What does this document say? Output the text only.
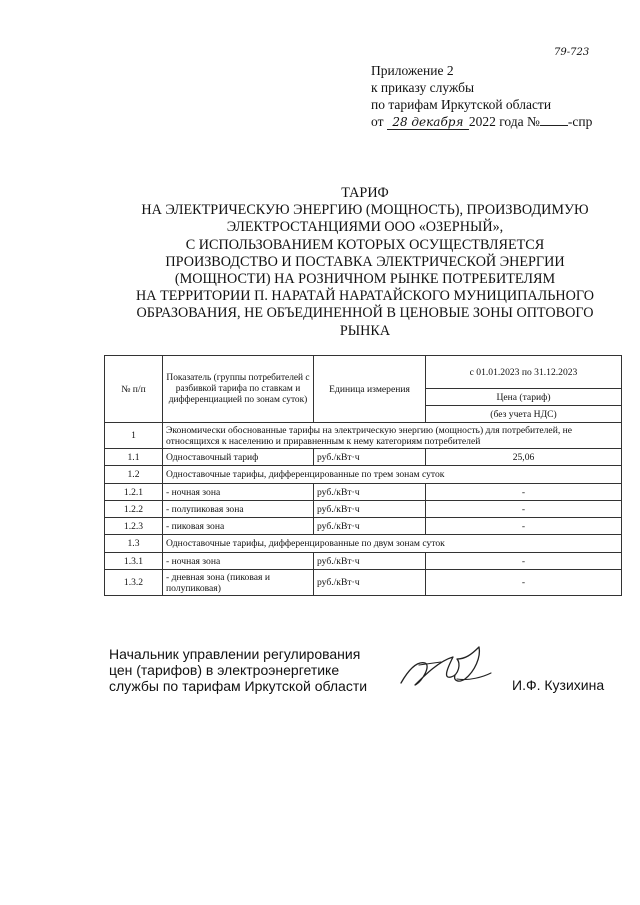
Приложение 2
к приказу службы
по тарифам Иркутской области
от 28 декабря 2022 года № -спр
79-723
ТАРИФ
НА ЭЛЕКТРИЧЕСКУЮ ЭНЕРГИЮ (МОЩНОСТЬ), ПРОИЗВОДИМУЮ
ЭЛЕКТРОСТАНЦИЯМИ ООО «ОЗЕРНЫЙ»,
С ИСПОЛЬЗОВАНИЕМ КОТОРЫХ ОСУЩЕСТВЛЯЕТСЯ
ПРОИЗВОДСТВО И ПОСТАВКА ЭЛЕКТРИЧЕСКОЙ ЭНЕРГИИ
(МОЩНОСТИ) НА РОЗНИЧНОМ РЫНКЕ ПОТРЕБИТЕЛЯМ
НА ТЕРРИТОРИИ П. НАРАТАЙ НАРАТАЙСКОГО МУНИЦИПАЛЬНОГО
ОБРАЗОВАНИЯ, НЕ ОБЪЕДИНЕННОЙ В ЦЕНОВЫЕ ЗОНЫ ОПТОВОГО
РЫНКА
№ п/п	Показатель (группы потребителей с разбивкой тарифа по ставкам и дифференциацией по зонам суток)	Единица измерения	с 01.01.2023 по 31.12.2023
			Цена (тариф)
			(без учета НДС)
1	Экономически обоснованные тарифы на электрическую энергию (мощность) для потребителей, не относящихся к населению и приравненным к нему категориям потребителей		
1.1	Одноставочный тариф	руб./кВт·ч	25,06
1.2	Одноставочные тарифы, дифференцированные по трем зонам суток		
1.2.1	- ночная зона	руб./кВт·ч	-
1.2.2	- полупиковая зона	руб./кВт·ч	-
1.2.3	- пиковая зона	руб./кВт·ч	-
1.3	Одноставочные тарифы, дифференцированные по двум зонам суток		
1.3.1	- ночная зона	руб./кВт·ч	-
1.3.2	- дневная зона (пиковая и полупиковая)	руб./кВт·ч	-
Начальник управлении регулирования
цен (тарифов) в электроэнергетике
службы по тарифам Иркутской области	И.Ф. Кузихина
